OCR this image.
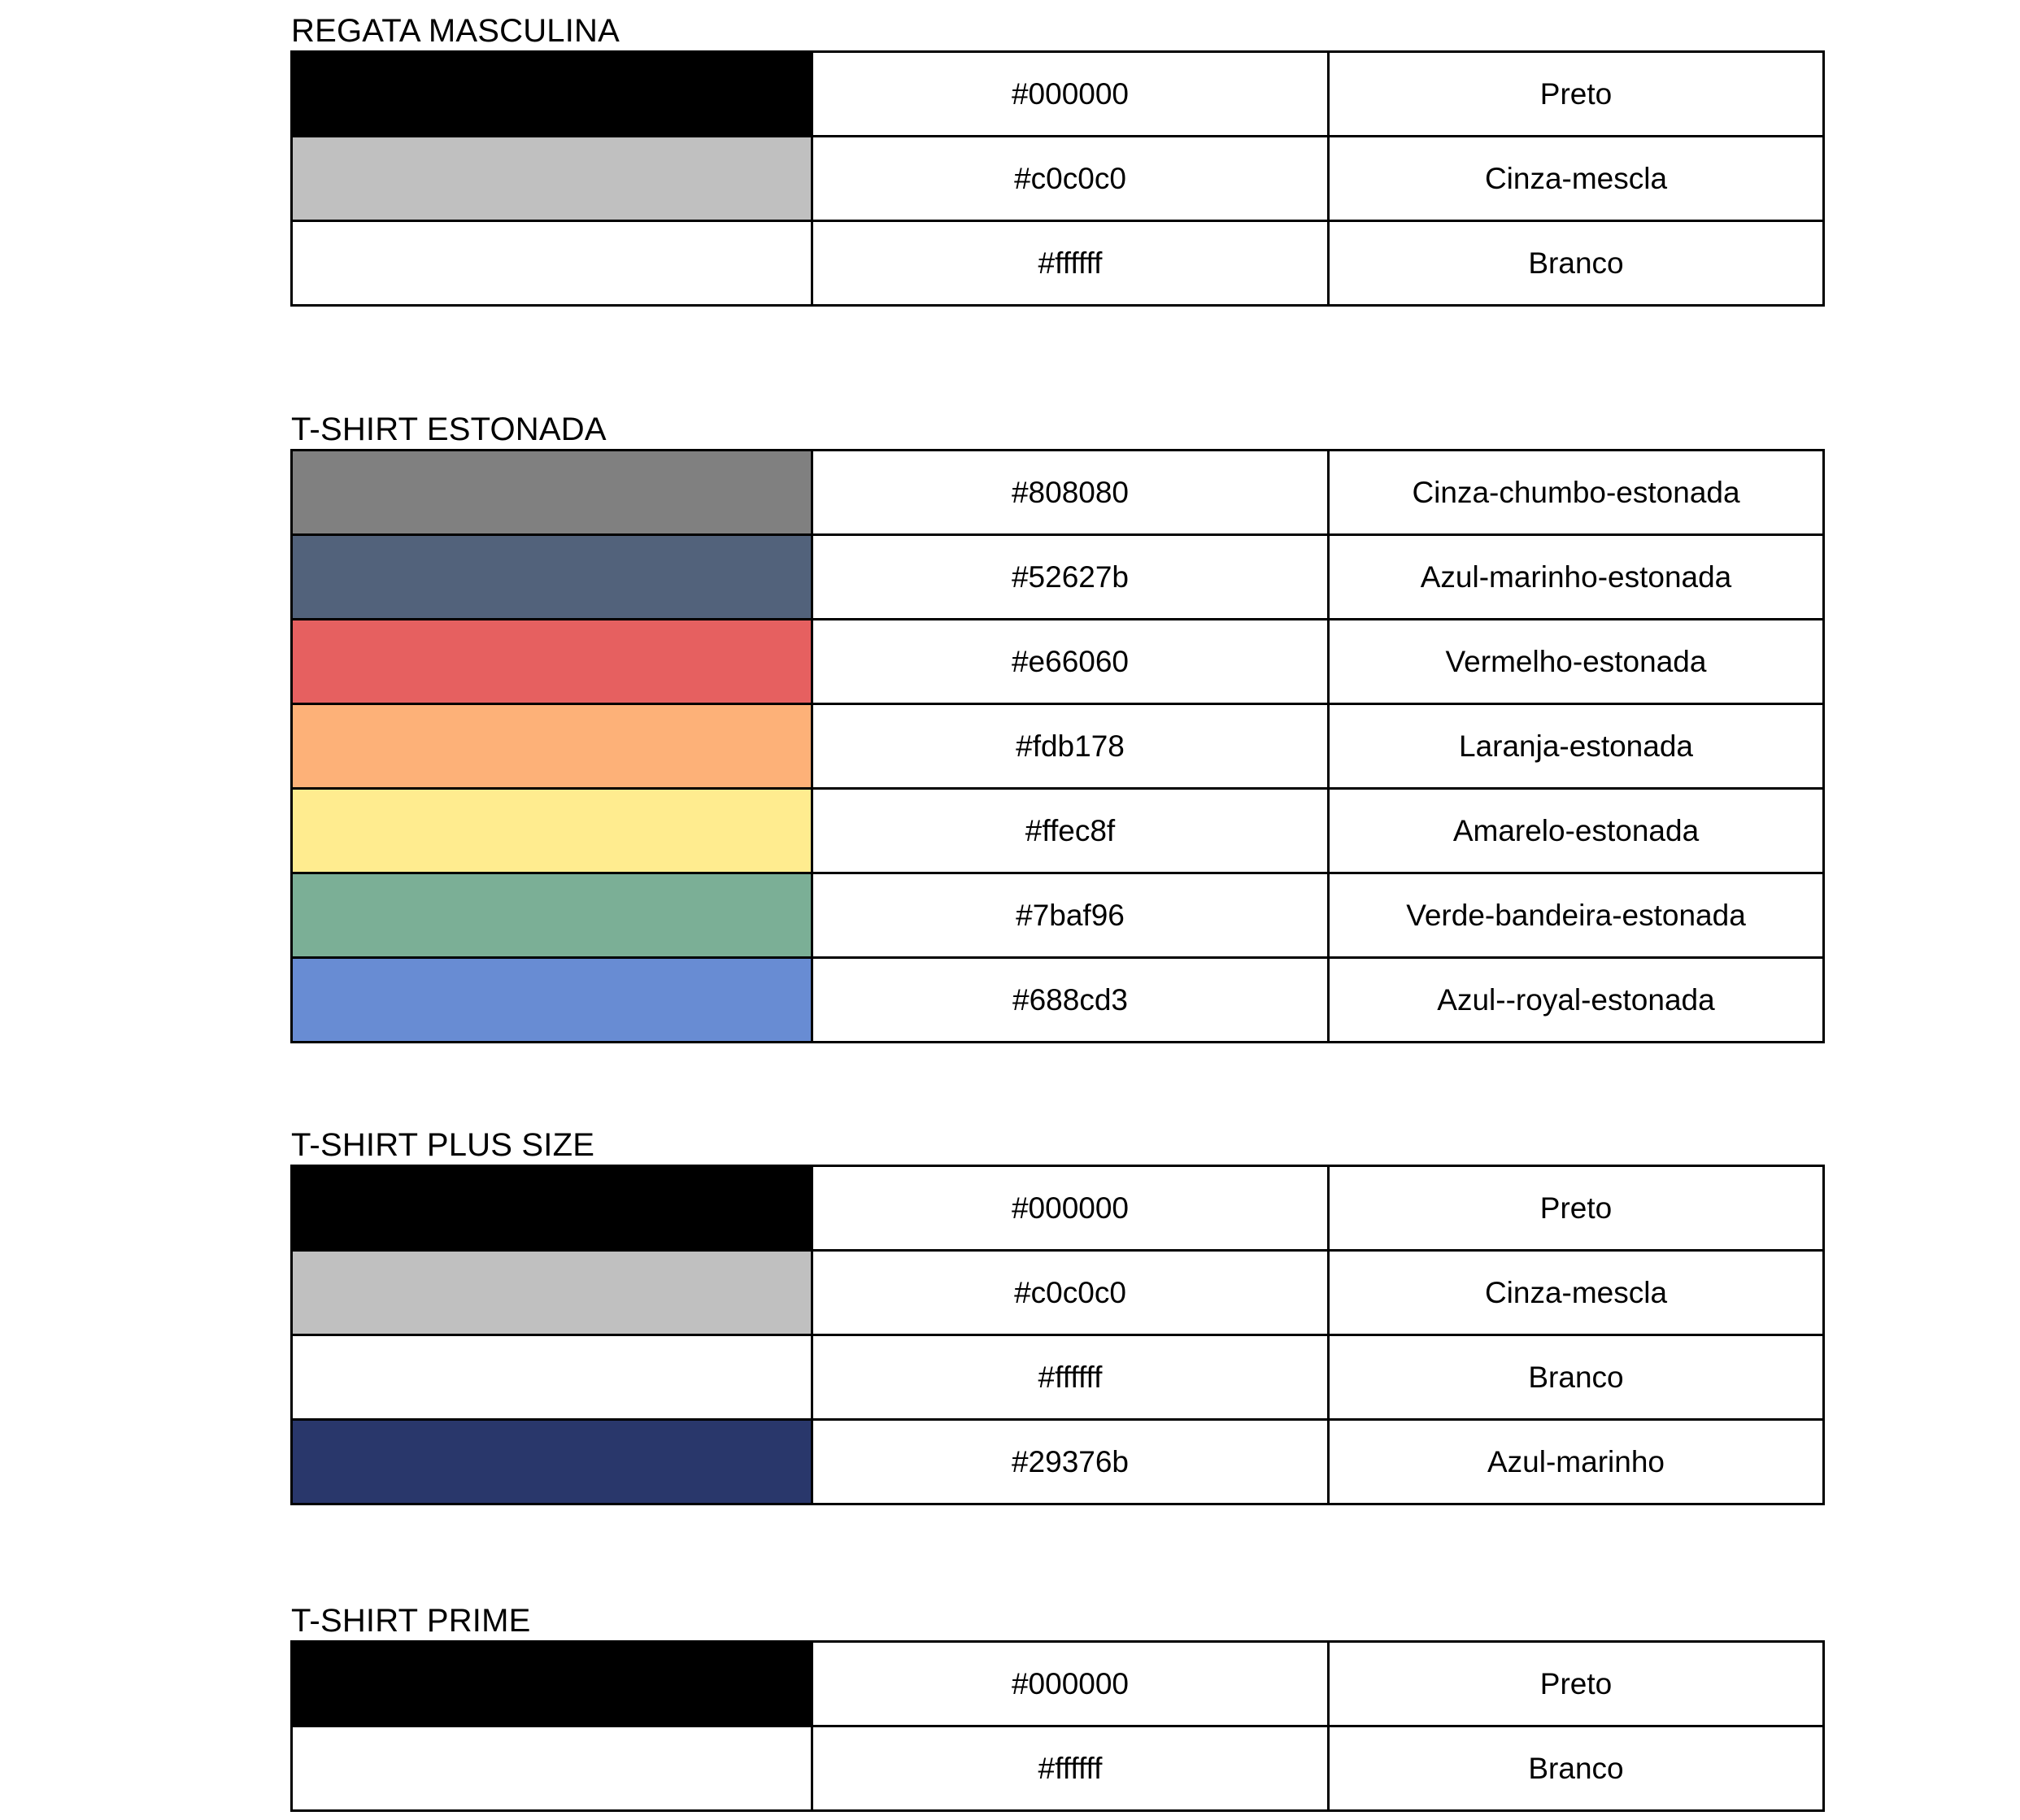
REGATA MASCULINA
	#000000	Preto

	#c0c0c0	Cinza-mescla

	#ffffff	Branco
T-SHIRT ESTONADA
	#808080	Cinza-chumbo-estonada

	#52627b	Azul-marinho-estonada

	#e66060	Vermelho-estonada

	#fdb178	Laranja-estonada

	#ffec8f	Amarelo-estonada

	#7baf96	Verde-bandeira-estonada

	#688cd3	Azul--royal-estonada
T-SHIRT PLUS SIZE
	#000000	Preto

	#c0c0c0	Cinza-mescla

	#ffffff	Branco

	#29376b	Azul-marinho
T-SHIRT PRIME
	#000000	Preto

	#ffffff	Branco
